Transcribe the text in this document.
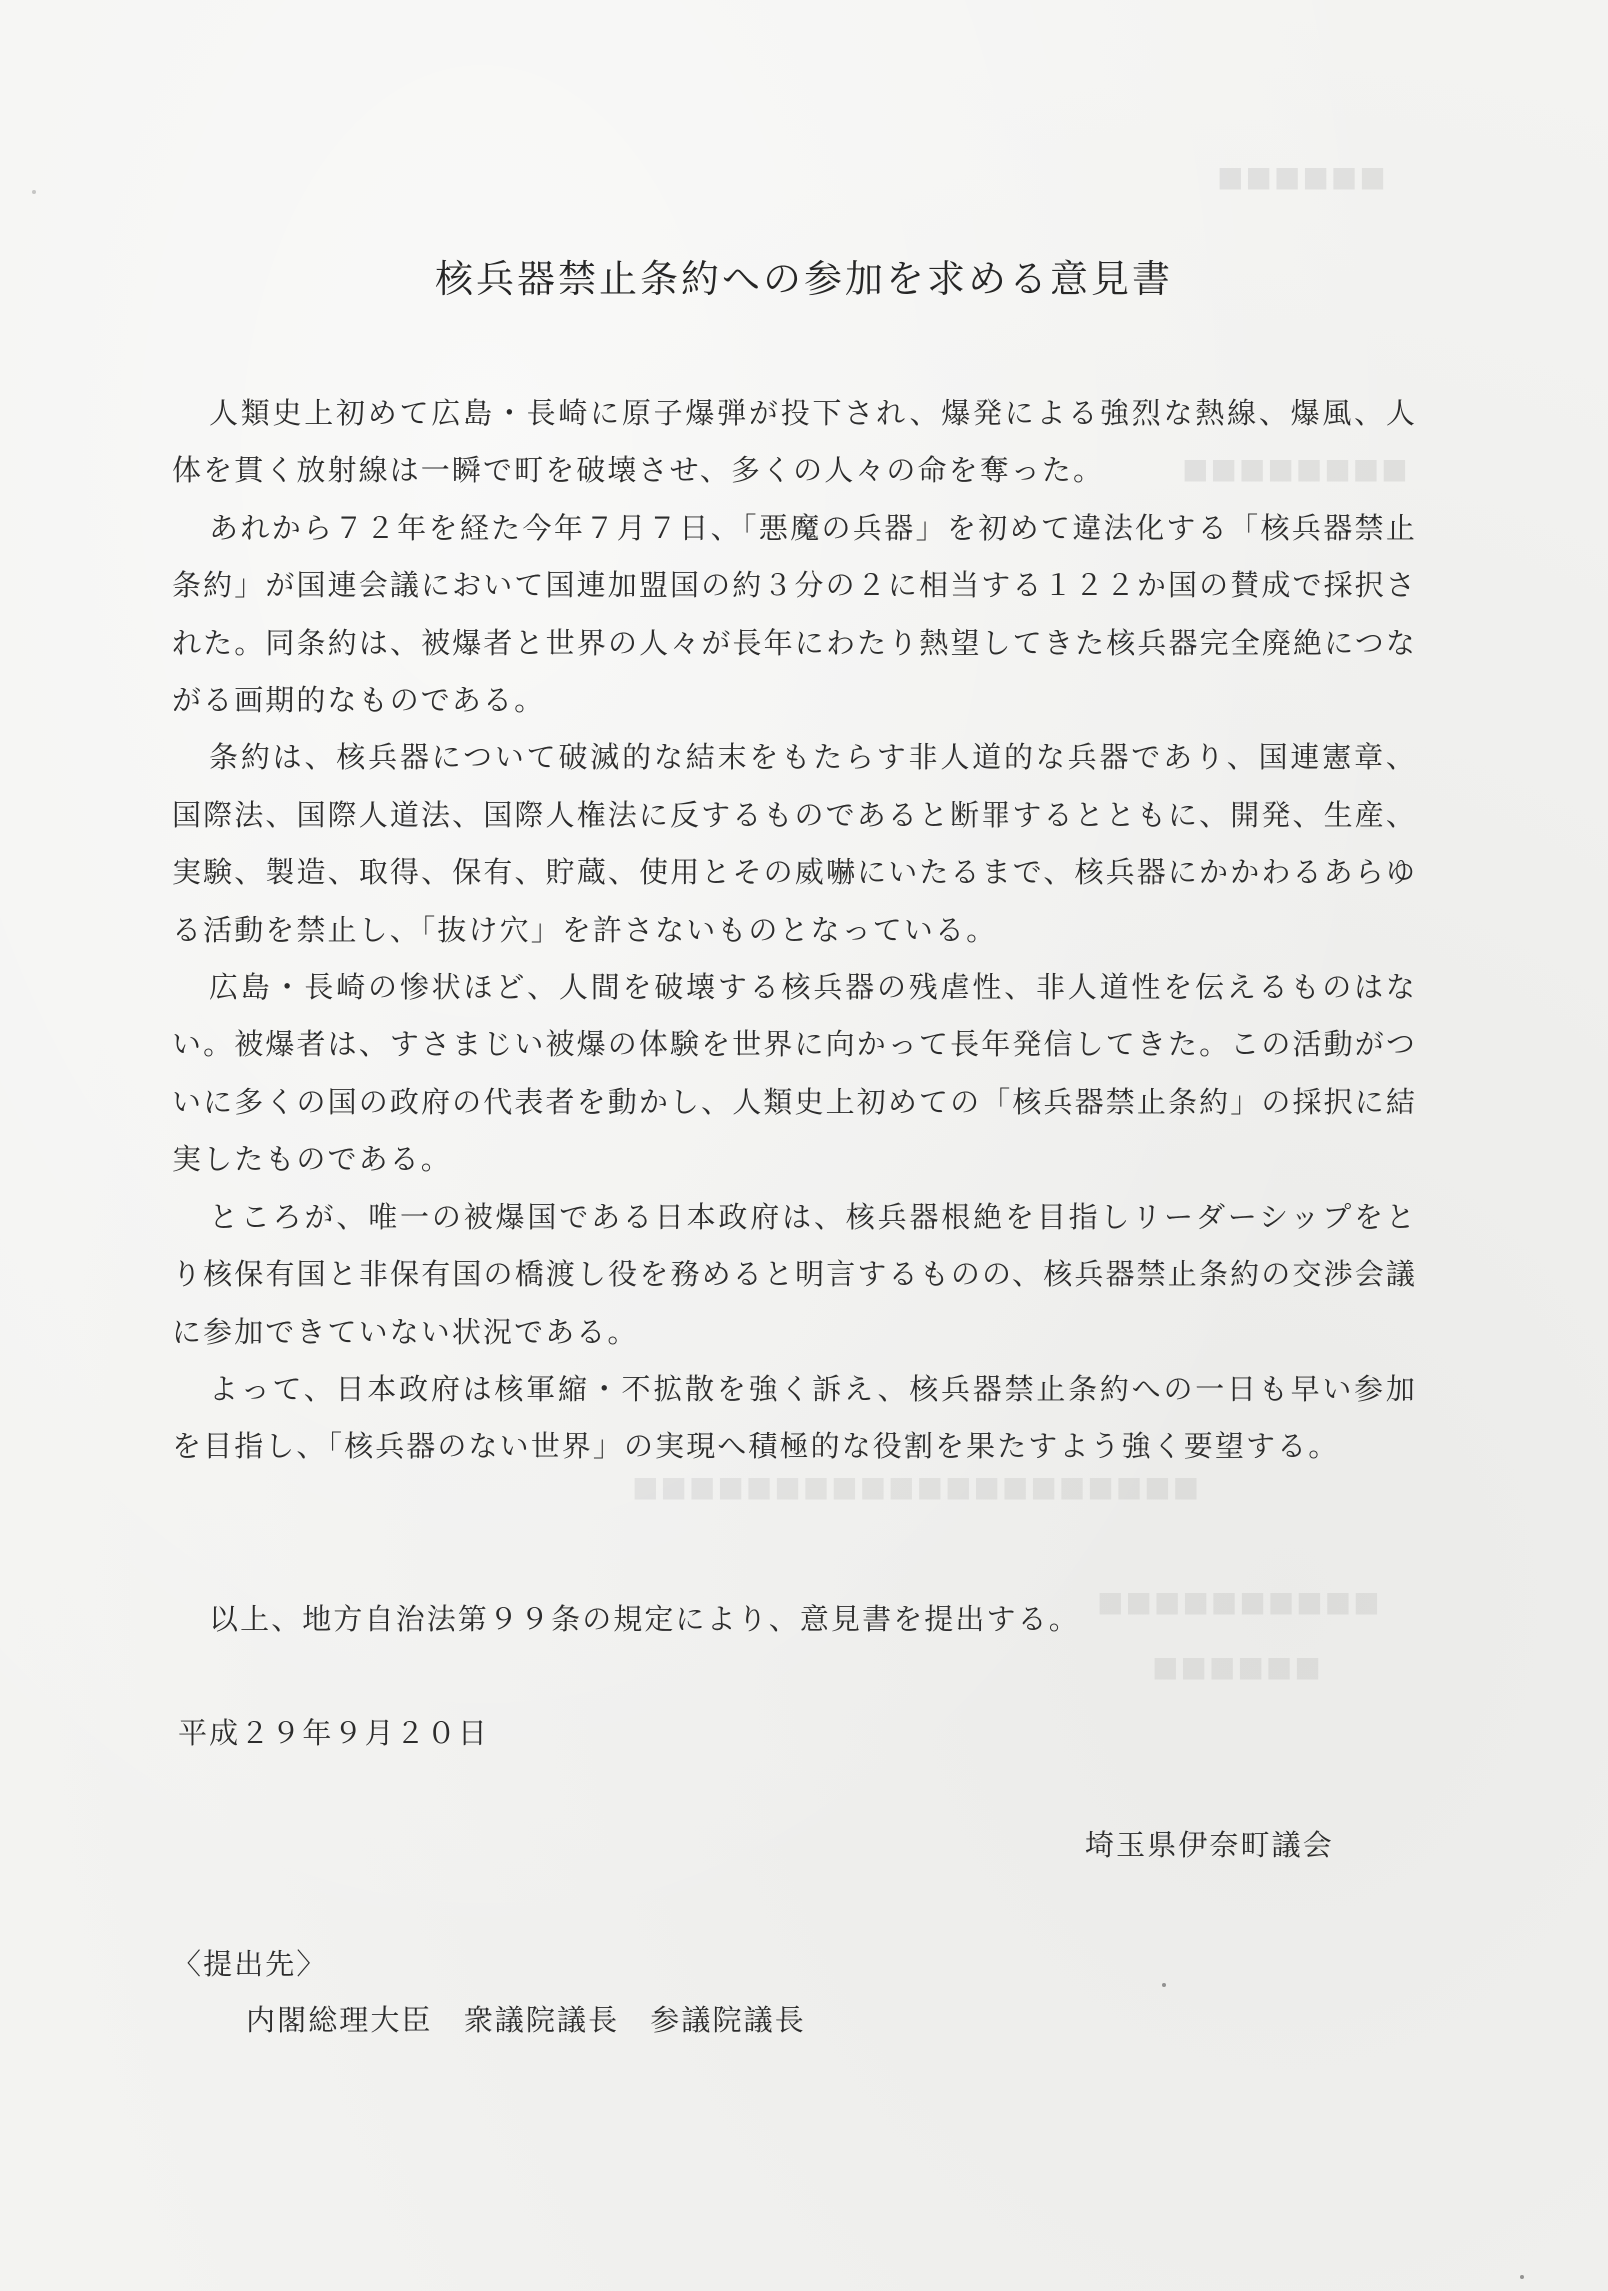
■■■■■■
■■■■■■■■
■■■■■■■■■■■■■■■■■■■■
■■■■■■■■■■
■■■■■■
核兵器禁止条約への参加を求める意見書

人類史上初めて広島・長崎に原子爆弾が投下され、爆発による強烈な熱線、爆風、人体を貫く放射線は一瞬で町を破壊させ、多くの人々の命を奪った。

あれから７２年を経た今年７月７日、「悪魔の兵器」を初めて違法化する「核兵器禁止条約」が国連会議において国連加盟国の約３分の２に相当する１２２か国の賛成で採択された。同条約は、被爆者と世界の人々が長年にわたり熱望してきた核兵器完全廃絶につながる画期的なものである。

条約は、核兵器について破滅的な結末をもたらす非人道的な兵器であり、国連憲章、国際法、国際人道法、国際人権法に反するものであると断罪するとともに、開発、生産、実験、製造、取得、保有、貯蔵、使用とその威嚇にいたるまで、核兵器にかかわるあらゆる活動を禁止し、「抜け穴」を許さないものとなっている。

広島・長崎の惨状ほど、人間を破壊する核兵器の残虐性、非人道性を伝えるものはない。被爆者は、すさまじい被爆の体験を世界に向かって長年発信してきた。この活動がついに多くの国の政府の代表者を動かし、人類史上初めての「核兵器禁止条約」の採択に結実したものである。

ところが、唯一の被爆国である日本政府は、核兵器根絶を目指しリーダーシップをとり核保有国と非保有国の橋渡し役を務めると明言するものの、核兵器禁止条約の交渉会議に参加できていない状況である。

よって、日本政府は核軍縮・不拡散を強く訴え、核兵器禁止条約への一日も早い参加を目指し、「核兵器のない世界」の実現へ積極的な役割を果たすよう強く要望する。

以上、地方自治法第９９条の規定により、意見書を提出する。

平成２９年９月２０日
埼玉県伊奈町議会
〈提出先〉
内閣総理大臣　衆議院議長　参議院議長
